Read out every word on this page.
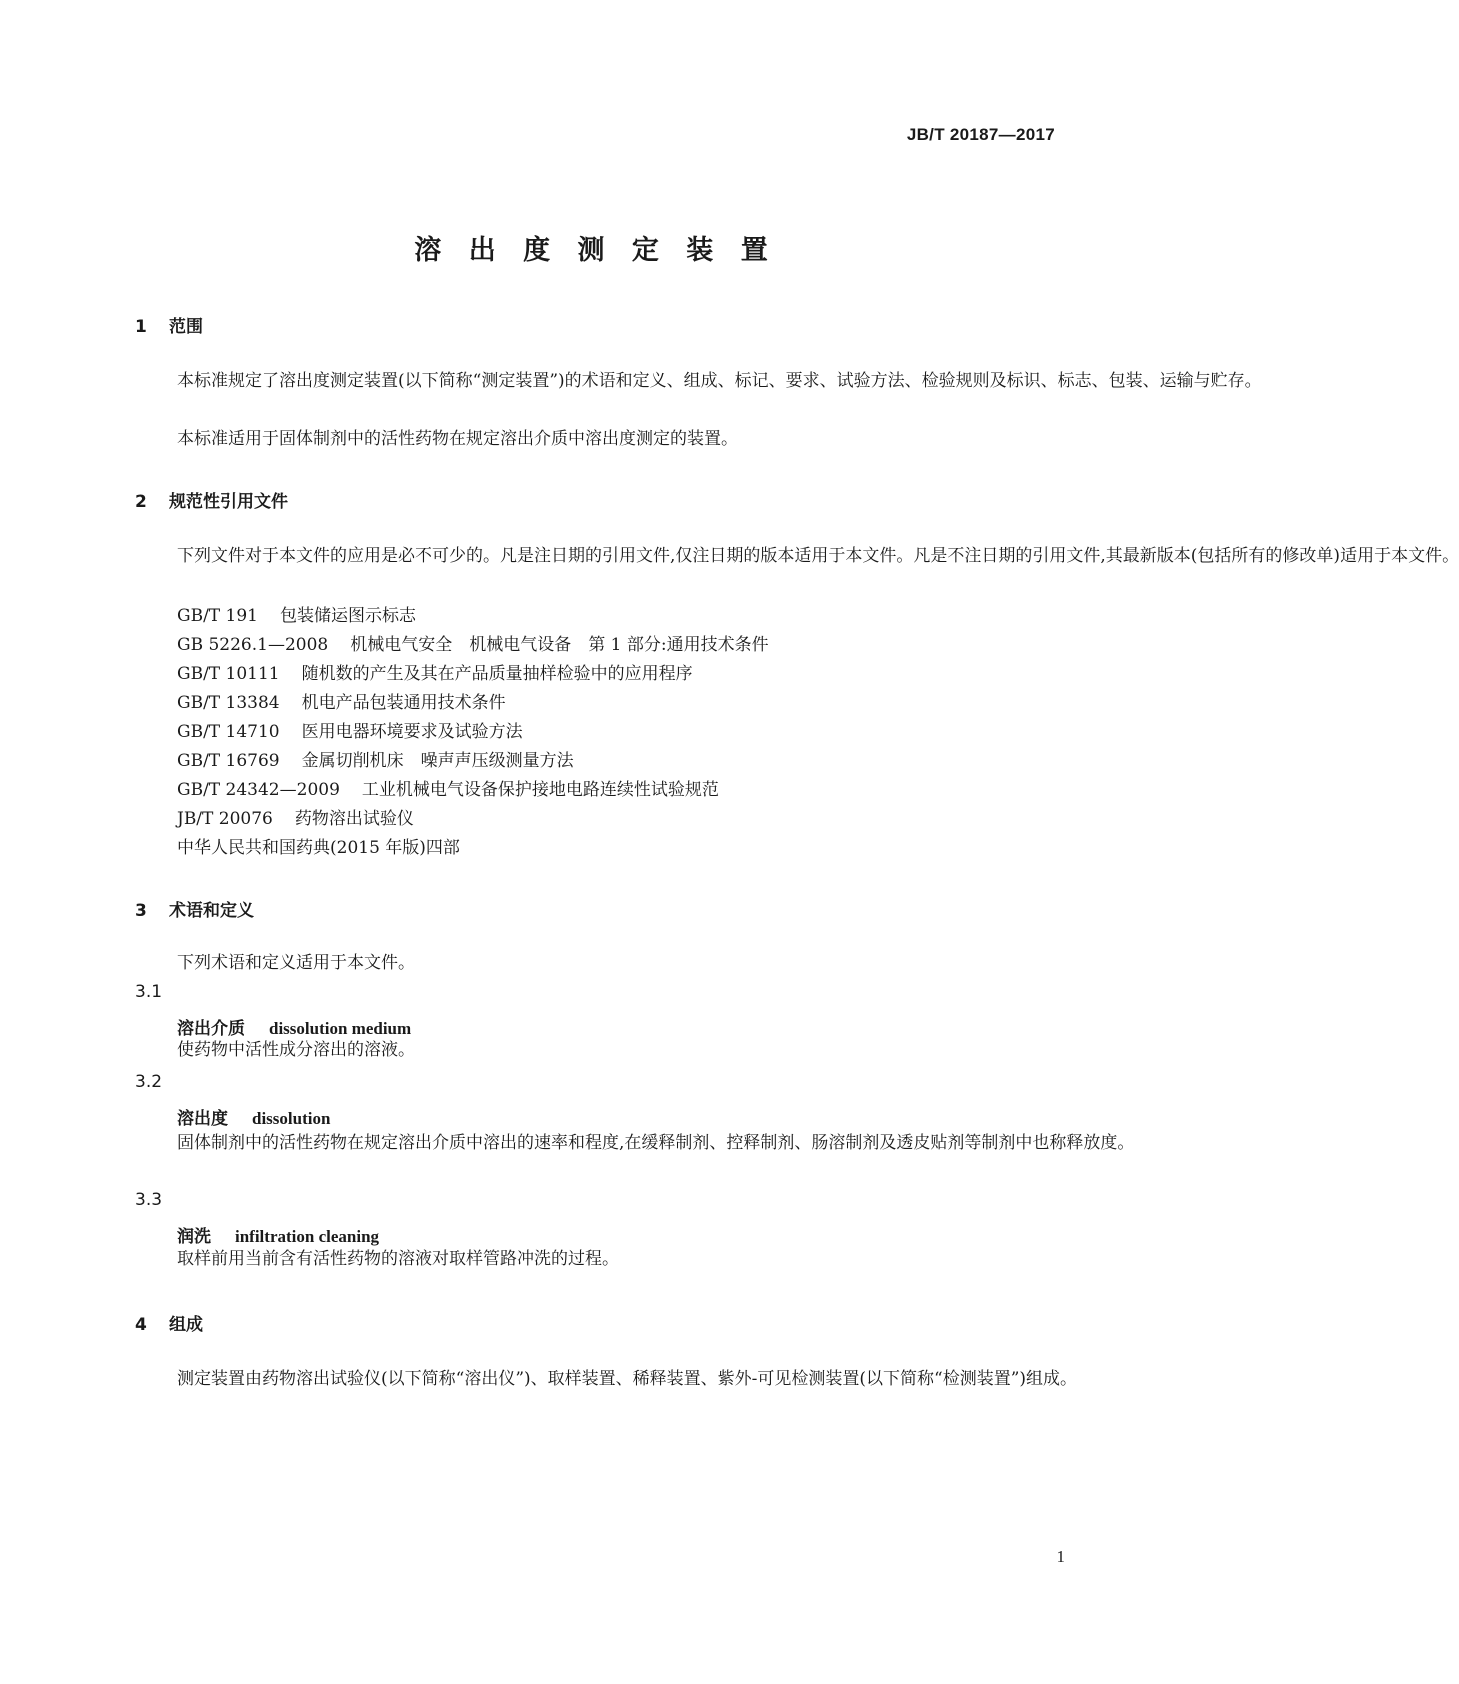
JB/T 20187—2017
溶 出 度 测 定 装 置
1 范围
本标准规定了溶出度测定装置(以下简称“测定装置”)的术语和定义、组成、标记、要求、试验方法、检验规则及标识、标志、包装、运输与贮存。
本标准适用于固体制剂中的活性药物在规定溶出介质中溶出度测定的装置。
2 规范性引用文件
下列文件对于本文件的应用是必不可少的。凡是注日期的引用文件,仅注日期的版本适用于本文件。凡是不注日期的引用文件,其最新版本(包括所有的修改单)适用于本文件。
GB/T 191 包装储运图示标志
GB 5226.1—2008 机械电气安全　机械电气设备　第 1 部分:通用技术条件
GB/T 10111 随机数的产生及其在产品质量抽样检验中的应用程序
GB/T 13384 机电产品包装通用技术条件
GB/T 14710 医用电器环境要求及试验方法
GB/T 16769 金属切削机床　噪声声压级测量方法
GB/T 24342—2009 工业机械电气设备保护接地电路连续性试验规范
JB/T 20076 药物溶出试验仪
中华人民共和国药典(2015 年版)四部
3 术语和定义
下列术语和定义适用于本文件。
3.1
溶出介质 dissolution medium
使药物中活性成分溶出的溶液。
3.2
溶出度 dissolution
固体制剂中的活性药物在规定溶出介质中溶出的速率和程度,在缓释制剂、控释制剂、肠溶制剂及透皮贴剂等制剂中也称释放度。
3.3
润洗 infiltration cleaning
取样前用当前含有活性药物的溶液对取样管路冲洗的过程。
4 组成
测定装置由药物溶出试验仪(以下简称“溶出仪”)、取样装置、稀释装置、紫外-可见检测装置(以下简称“检测装置”)组成。
1
